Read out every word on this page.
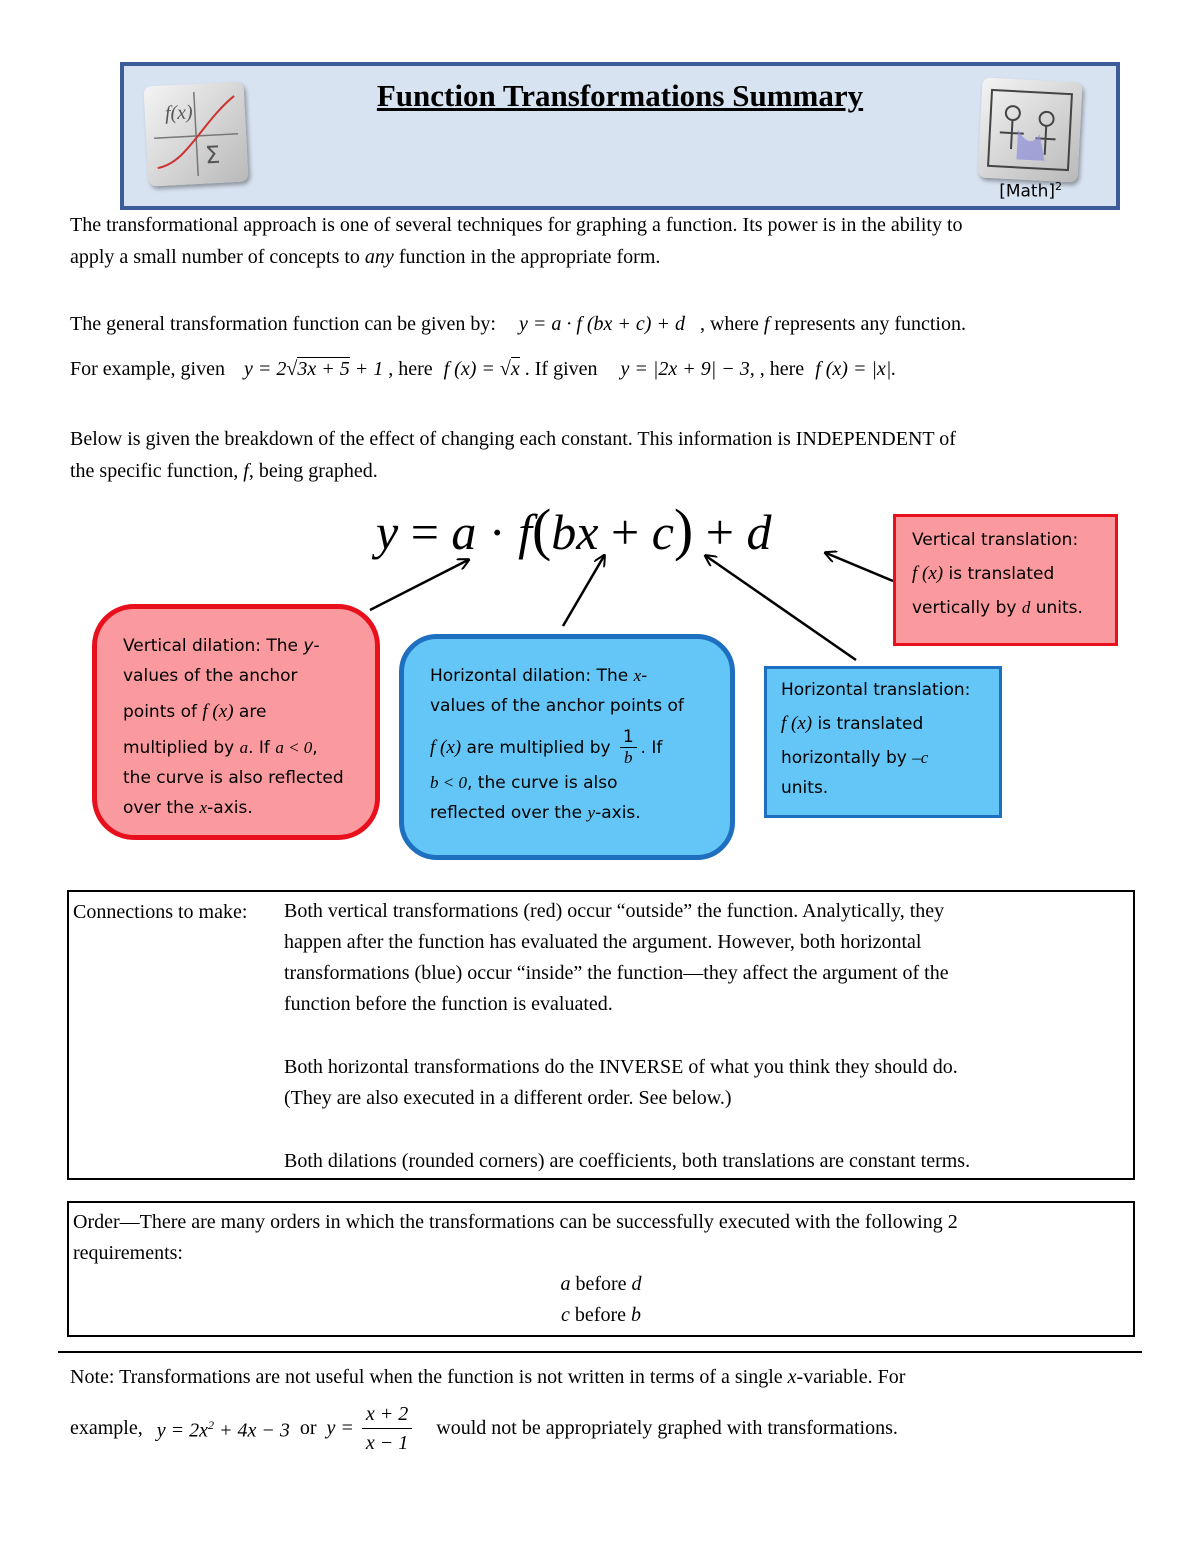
f(x)
Σ
Function Transformations Summary
[Math]$^2$
The transformational approach is one of several techniques for graphing a function. Its power is in the ability to
apply a small number of concepts to any function in the appropriate form.
The general transformation function can be given by: y = a · f (bx + c) + d , where f represents any function.
For example, given y = 2√3x + 5 + 1 , here f (x) = √x . If given y = |2x + 9| − 3, , here f (x) = |x|.
Below is given the breakdown of the effect of changing each constant. This information is INDEPENDENT of
the specific function, f, being graphed.
y = a · f(bx + c) + d
Vertical dilation: The y-
values of the anchor
points of f (x) are
multiplied by a. If a < 0,
the curve is also reflected
over the x-axis.
Horizontal dilation: The x-
values of the anchor points of
f (x) are multiplied by
1
b . If
b < 0, the curve is also
reflected over the y-axis.
Horizontal translation:
f (x) is translated
horizontally by –c
units.
Vertical translation:
f (x) is translated
vertically by d units.
Connections to make: Both vertical transformations (red) occur “outside” the function. Analytically, they
happen after the function has evaluated the argument. However, both horizontal
transformations (blue) occur “inside” the function—they affect the argument of the
function before the function is evaluated.
Both horizontal transformations do the INVERSE of what you think they should do.
(They are also executed in a different order. See below.)
Both dilations (rounded corners) are coefficients, both translations are constant terms.
Order—There are many orders in which the transformations can be successfully executed with the following 2
requirements:
a before d
c before b
Note: Transformations are not useful when the function is not written in terms of a single x-variable. For
example, $y = 2x^2 + 4x - 3$ or $y = \frac{x + 2}{x - 1}$ would not be appropriately graphed with transformations.
